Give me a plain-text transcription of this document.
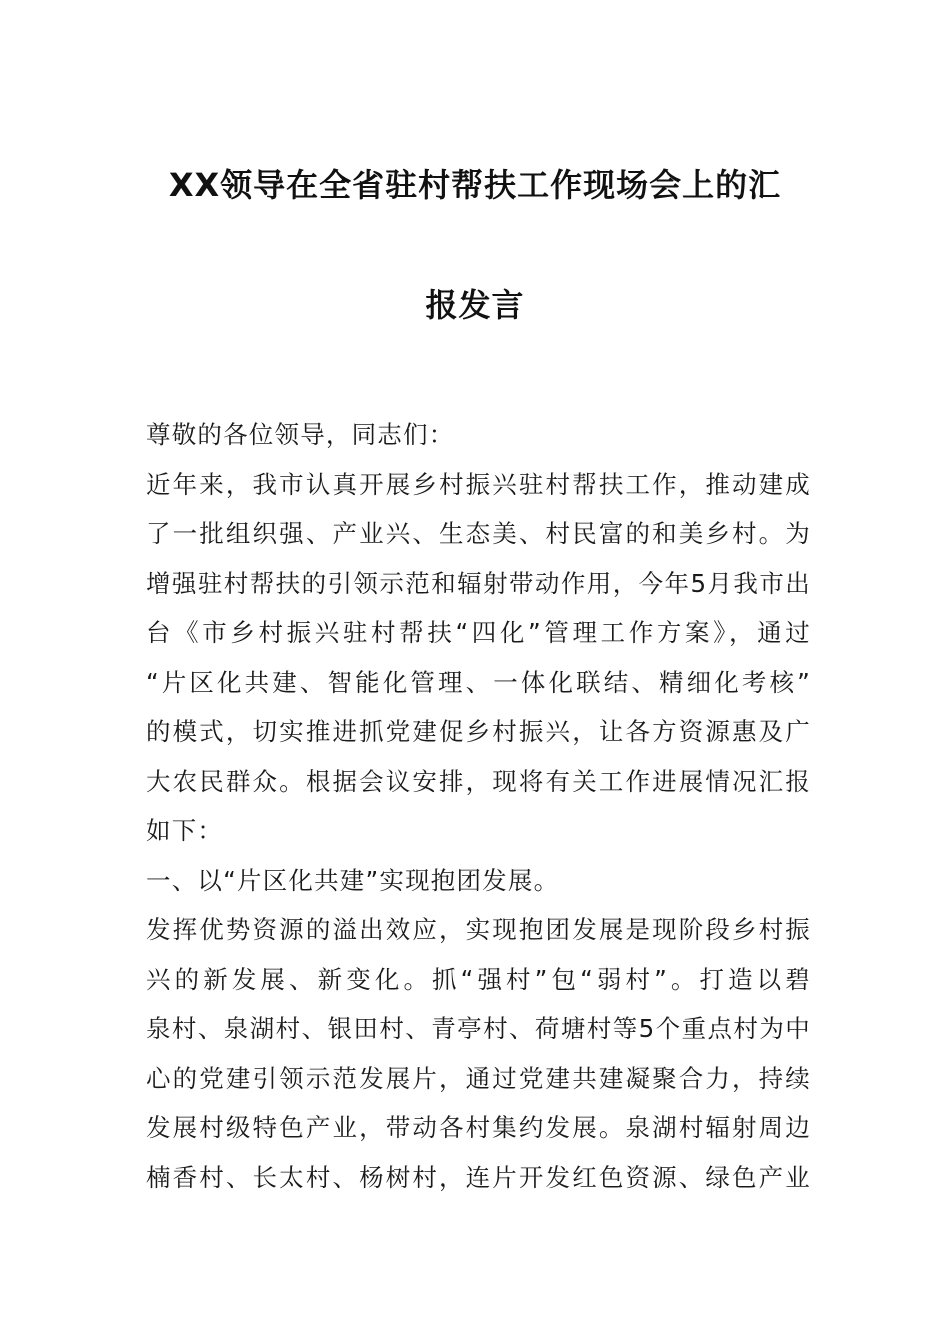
XX领导在全省驻村帮扶工作现场会上的汇
报发言
尊敬的各位领导，同志们：
近年来，我市认真开展乡村振兴驻村帮扶工作，推动建成
了一批组织强、产业兴、生态美、村民富的和美乡村。为
增强驻村帮扶的引领示范和辐射带动作用，今年5月我市出
台《市乡村振兴驻村帮扶“四化”管理工作方案》，通过
“片区化共建、智能化管理、一体化联结、精细化考核”
的模式，切实推进抓党建促乡村振兴，让各方资源惠及广
大农民群众。根据会议安排，现将有关工作进展情况汇报
如下：
一、以“片区化共建”实现抱团发展。
发挥优势资源的溢出效应，实现抱团发展是现阶段乡村振
兴的新发展、新变化。抓“强村”包“弱村”。打造以碧
泉村、泉湖村、银田村、青亭村、荷塘村等5个重点村为中
心的党建引领示范发展片，通过党建共建凝聚合力，持续
发展村级特色产业，带动各村集约发展。泉湖村辐射周边
楠香村、长太村、杨树村，连片开发红色资源、绿色产业
